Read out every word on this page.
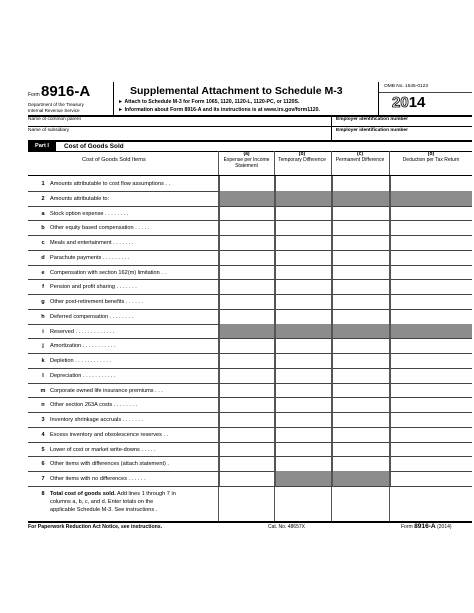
Form 8916-A
Department of the Treasury
Internal Revenue Service
Supplemental Attachment to Schedule M-3
► Attach to Schedule M-3 for Form 1065, 1120, 1120-L, 1120-PC, or 1120S.
► Information about Form 8916-A and its instructions is at www.irs.gov/form1120.
OMB No. 1545-0123
2014
Name of common parent	Employer identification number
Name of subsidiary	Employer identification number
Part I	Cost of Goods Sold
Cost of Goods Sold Items
(a)
Expense per Income Statement
(b)
Temporary Difference
(c)
Permanent Difference
(d)
Deduction per Tax Return
1 Amounts attributable to cost flow assumptions . .
2 Amounts attributable to:
a Stock option expense . . . . . . . .
b Other equity based compensation . . . . .
c Meals and entertainment . . . . . . .
d Parachute payments . . . . . . . . .
e Compensation with section 162(m) limitation . .
f	Pension and profit sharing . . . . . . .
g Other post-retirement benefits . . . . . .
h Deferred compensation . . . . . . . .
i	Reserved . . . . . . . . . . . . .
j	Amortization . . . . . . . . . . .
k Depletion . . . . . . . . . . . .
l	Depreciation . . . . . . . . . . .
m Corporate owned life insurance premiums . . .
n Other section 263A costs . . . . . . . .
3 Inventory shrinkage accruals . . . . . . .
4 Excess inventory and obsolescence reserves . .
5 Lower of cost or market write-downs . . . . .
6 Other items with differences (attach statement) .
7 Other items with no differences . . . . . .
8 Total cost of goods sold. Add lines 1 through 7 in
columns a, b, c, and d. Enter totals on the
applicable Schedule M-3. See instructions .
For Paperwork Reduction Act Notice, see instructions.	Cat. No. 48657X	Form 8916-A (2014)
